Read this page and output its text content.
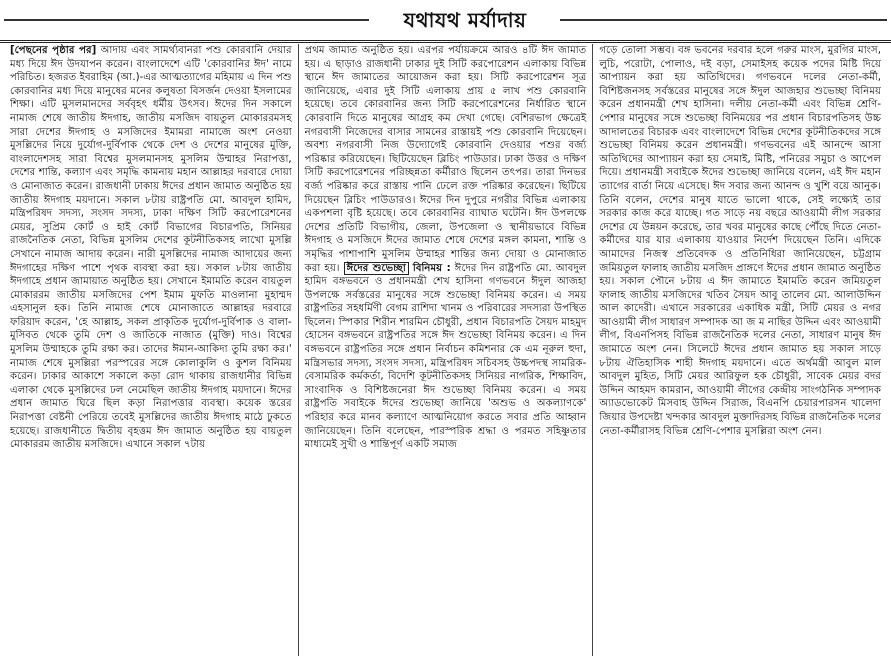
যথাযথ মর্যাদায়

[পেছনের পৃষ্ঠার পর] আদায় এবং সামর্থ্যবানরা পশু কোরবানি দেয়ার মধ্য দিয়ে ঈদ উদযাপন করেন। বাংলাদেশে এটি 'কোরবানির ঈদ' নামে পরিচিত। হজরত ইবরাহিম (আ.)-এর আত্মত্যাগের মহিমায় এ দিন পশু কোরবানির মধ্য দিয়ে মানুষের মনের কলুষতা বিসর্জন দেওয়া ইসলামের শিক্ষা। এটি মুসলমানদের সর্ববৃহৎ ধর্মীয় উৎসব। ঈদের দিন সকালে নামাজ শেষে জাতীয় ঈদগাহ, জাতীয় মসজিদ বায়তুল মোকাররমসহ সারা দেশের ঈদগাহ ও মসজিদের ইমামরা নামাজে অংশ নেওয়া মুসল্লিদের নিয়ে দুর্যোগ-দুর্বিপাক থেকে দেশ ও দেশের মানুষের মুক্তি, বাংলাদেশসহ সারা বিশ্বের মুসলমানসহ মুসলিম উম্মাহর নিরাপত্তা, দেশের শান্তি, কল্যাণ এবং সমৃদ্ধি কামনায় মহান আল্লাহর দরবারে দোয়া ও মোনাজাত করেন। রাজধানী ঢাকায় ঈদের প্রধান জামাত অনুষ্ঠিত হয় জাতীয় ঈদগাহ ময়দানে। সকাল ৮টায় রাষ্ট্রপতি মো. আবদুল হামিদ, মন্ত্রিপরিষদ সদস্য, সংসদ সদস্য, ঢাকা দক্ষিণ সিটি করপোরেশনের মেয়র, সুপ্রিম কোর্ট ও হাই কোর্ট বিভাগের বিচারপতি, সিনিয়র রাজনৈতিক নেতা, বিভিন্ন মুসলিম দেশের কূটনীতিকসহ লাখো মুসল্লি সেখানে নামাজ আদায় করেন। নারী মুসল্লিদের নামাজ আদায়ের জন্য ঈদগাহের দক্ষিণ পাশে পৃথক ব্যবস্থা করা হয়। সকাল ৮টায় জাতীয় ঈদগাহে প্রধান জামায়াত অনুষ্ঠিত হয়। সেখানে ইমামতি করেন বায়তুল মোকাররম জাতীয় মসজিদের পেশ ইমাম মুফতি মাওলানা মুহাম্মদ এহসানুল হক। তিনি নামাজ শেষে মোনাজাতে আল্লাহর দরবারে ফরিয়াদ করেন, 'হে আল্লাহ, সকল প্রাকৃতিক দুর্যোগ-দুর্বিপাক ও বালা-মুসিবত থেকে তুমি দেশ ও জাতিকে নাজাত (মুক্তি) দাও। বিশ্বের মুসলিম উম্মাহকে তুমি রক্ষা কর। তাদের ঈমান-আকিদা তুমি রক্ষা কর।' নামাজ শেষে মুসল্লিরা পরস্পরের সঙ্গে কোলাকুলি ও কুশল বিনিময় করেন। ঢাকার আকাশে সকালে কড়া রোদ থাকায় রাজধানীর বিভিন্ন এলাকা থেকে মুসল্লিদের ঢল নেমেছিল জাতীয় ঈদগাহ ময়দানে। ঈদের প্রধান জামাত ঘিরে ছিল কড়া নিরাপত্তার ব্যবস্থা। কয়েক স্তরের নিরাপত্তা বেষ্টনী পেরিয়ে তবেই মুসল্লিদের জাতীয় ঈদগাহ মাঠে ঢুকতে হয়েছে। রাজধানীতে দ্বিতীয় বৃহত্তম ঈদ জামাত অনুষ্ঠিত হয় বায়তুল মোকাররম জাতীয় মসজিদে। এখানে সকাল ৭টায়

প্রথম জামাত অনুষ্ঠিত হয়। এরপর পর্যায়ক্রমে আরও ৪টি ঈদ জামাত হয়। এ ছাড়াও রাজধানী ঢাকার দুই সিটি করপোরেশন এলাকায় বিভিন্ন স্থানে ঈদ জামাতের আয়োজন করা হয়। সিটি করপোরেশন সূত্র জানিয়েছে, এবার দুই সিটি এলাকায় প্রায় ৫ লাখ পশু কোরবানি হয়েছে। তবে কোরবানির জন্য সিটি করপোরেশনের নির্ধারিত স্থানে কোরবানি দিতে মানুষের আগ্রহ কম দেখা গেছে। বেশিরভাগ ক্ষেত্রেই নগরবাসী নিজেদের বাসার সামনের রাস্তায়ই পশু কোরবানি দিয়েছেন। অবশ্য নগরবাসী নিজ উদ্যোগেই কোরবানি দেওয়ার পশুর বর্জ্য পরিষ্কার করিয়েছেন। ছিটিয়েছেন ব্লিচিং পাউডার। ঢাকা উত্তর ও দক্ষিণ সিটি করপোরেশনের পরিচ্ছন্নতা কর্মীরাও ছিলেন তৎপর। তারা দিনভর বর্জ্য পরিষ্কার করে রাস্তায় পানি ঢেলে রক্ত পরিষ্কার করেছেন। ছিটিয়ে দিয়েছেন ব্লিচিং পাউডারও। ঈদের দিন দুপুরে নগরীর বিভিন্ন এলাকায় একপশলা বৃষ্টি হয়েছে। তবে কোরবানির ব্যাঘাত ঘটেনি। ঈদ উপলক্ষে দেশের প্রতিটি বিভাগীয়, জেলা, উপজেলা ও স্থানীয়ভাবে বিভিন্ন ঈদগাহ ও মসজিদে ঈদের জামাত শেষে দেশের মঙ্গল কামনা, শান্তি ও সমৃদ্ধির পাশাপাশি মুসলিম উম্মাহর শান্তির জন্য দোয়া ও মোনাজাত করা হয়। ঈদের শুভেচ্ছা বিনিময় : ঈদের দিন রাষ্ট্রপতি মো. আবদুল হামিদ বঙ্গভবনে ও প্রধানমন্ত্রী শেখ হাসিনা গণভবনে ঈদুল আজহা উপলক্ষে সর্বস্তরের মানুষের সঙ্গে শুভেচ্ছা বিনিময় করেন। এ সময় রাষ্ট্রপতির সহধর্মিণী বেগম রাশিদা খানম ও পরিবারের সদস্যরা উপস্থিত ছিলেন। স্পিকার শিরীন শারমিন চৌধুরী, প্রধান বিচারপতি সৈয়দ মাহমুদ হোসেন বঙ্গভবনে রাষ্ট্রপতির সঙ্গে ঈদ শুভেচ্ছা বিনিময় করেন। এ দিন বঙ্গভবনে রাষ্ট্রপতির সঙ্গে প্রধান নির্বাচন কমিশনার কে এম নূরুল হুদা, মন্ত্রিসভার সদস্য, সংসদ সদস্য, মন্ত্রিপরিষদ সচিবসহ উচ্চপদস্থ সামরিক-বেসামরিক কর্মকর্তা, বিদেশি কূটনীতিকসহ সিনিয়র নাগরিক, শিক্ষাবিদ, সাংবাদিক ও বিশিষ্টজনেরা ঈদ শুভেচ্ছা বিনিময় করেন। এ সময় রাষ্ট্রপতি সবাইকে ঈদের শুভেচ্ছা জানিয়ে 'অশুভ ও অকল্যাণকে' পরিহার করে মানব কল্যাণে আত্মনিয়োগ করতে সবার প্রতি আহ্বান জানিয়েছেন। তিনি বলেছেন, পারস্পরিক শ্রদ্ধা ও পরমত সহিষ্ণুতার মাধ্যমেই সুখী ও শান্তিপূর্ণ একটি সমাজ

গড়ে তোলা সম্ভব। বঙ্গ ভবনের দরবার হলে গরুর মাংস, মুরগির মাংস, লুচি, পরোটা, পোলাও, দই বড়া, সেমাইসহ কয়েক পদের মিষ্টি দিয়ে আপ্যায়ন করা হয় অতিথিদের। গণভবনে দলের নেতা-কর্মী, বিশিষ্টজনসহ সর্বস্তরের মানুষের সঙ্গে ঈদুল আজহার শুভেচ্ছা বিনিময় করেন প্রধানমন্ত্রী শেখ হাসিনা। দলীয় নেতা-কর্মী এবং বিভিন্ন শ্রেণি-পেশার মানুষের সঙ্গে শুভেচ্ছা বিনিময়ের পর প্রধান বিচারপতিসহ উচ্চ আদালতের বিচারক এবং বাংলাদেশে বিভিন্ন দেশের কূটনীতিকদের সঙ্গে শুভেচ্ছা বিনিময় করেন প্রধানমন্ত্রী। গণভবনের এই আনন্দে আসা অতিথিদের আপ্যায়ন করা হয় সেমাই, মিষ্টি, পনিরের সমুচা ও আপেল দিয়ে। প্রধানমন্ত্রী সবাইকে ঈদের শুভেচ্ছা জানিয়ে বলেন, এই ঈদ মহান ত্যাগের বার্তা নিয়ে এসেছে। ঈদ সবার জন্য আনন্দ ও খুশি বয়ে আনুক। তিনি বলেন, দেশের মানুষ যাতে ভালো থাকে, সেই লক্ষ্যেই তার সরকার কাজ করে যাচ্ছে। গত সাড়ে নয় বছরে আওয়ামী লীগ সরকার দেশের যে উন্নয়ন করেছে, তার খবর মানুষের কাছে পৌঁছে দিতে নেতা-কর্মীদের যার যার এলাকায় যাওয়ার নির্দেশ দিয়েছেন তিনি। এদিকে আমাদের নিজস্ব প্রতিবেদক ও প্রতিনিধিরা জানিয়েছেন, চট্টগ্রাম জমিয়তুল ফালাহ জাতীয় মসজিদ প্রাঙ্গণে ঈদের প্রধান জামাত অনুষ্ঠিত হয়। সকাল পৌনে ৮টায় এ ঈদ জামাতে ইমামতি করেন জমিয়তুল ফালাহ জাতীয় মসজিদের খতিব সৈয়দ আবু তালেব মো. আলাউদ্দিন আল কাদেরী। এখানে সরকারের একাধিক মন্ত্রী, সিটি মেয়র ও নগর আওয়ামী লীগ সাধারণ সম্পাদক আ জ ম নাছির উদ্দিন এবং আওয়ামী লীগ, বিএনপিসহ বিভিন্ন রাজনৈতিক দলের নেতা, সাধারণ মানুষ ঈদ জামাতে অংশ নেন। সিলেটে ঈদের প্রধান জামাত হয় সকাল সাড়ে ৮টায় ঐতিহাসিক শাহী ঈদগাহ ময়দানে। এতে অর্থমন্ত্রী আবুল মাল আবদুল মুহিত, সিটি মেয়র আরিফুল হক চৌধুরী, সাবেক মেয়র বদর উদ্দিন আহমদ কামরান, আওয়ামী লীগের কেন্দ্রীয় সাংগঠনিক সম্পাদক অ্যাডভোকেট মিসবাহ উদ্দিন সিরাজ, বিএনপি চেয়ারপারসন খালেদা জিয়ার উপদেষ্টা খন্দকার আবদুল মুক্তাদিরসহ বিভিন্ন রাজনৈতিক দলের নেতা-কর্মীরাসহ বিভিন্ন শ্রেণি-পেশার মুসল্লিরা অংশ নেন।
